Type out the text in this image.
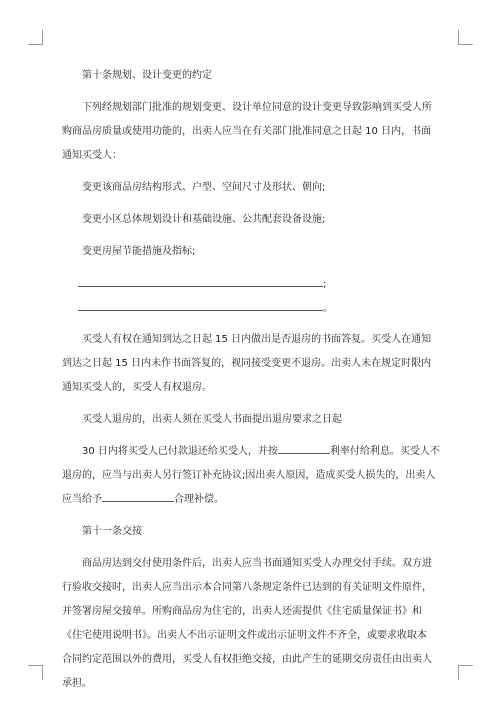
第十条规划、设计变更的约定

下列经规划部门批准的规划变更、设计单位同意的设计变更导致影响到买受人所

购商品房质量或使用功能的，出卖人应当在有关部门批准同意之日起 10 日内，书面

通知买受人：

变更该商品房结构形式、户型、空间尺寸及形状、朝向;

变更小区总体规划设计和基础设施、公共配套设备设施;

变更房屋节能措施及指标;

;
。

买受人有权在通知到达之日起 15 日内做出是否退房的书面答复。买受人在通知

到达之日起 15 日内未作书面答复的，视同接受变更不退房。出卖人未在规定时限内

通知买受人的，买受人有权退房。

买受人退房的，出卖人须在买受人书面提出退房要求之日起

30 日内将买受人已付款退还给买受人，并按	利率付给利息。买受人不

退房的，应当与出卖人另行签订补充协议;因出卖人原因，造成买受人损失的，出卖人

应当给予	合理补偿。

第十一条交接

商品房达到交付使用条件后，出卖人应当书面通知买受人办理交付手续。双方进

行验收交接时，出卖人应当出示本合同第八条规定条件已达到的有关证明文件原件，

并签署房屋交接单。所购商品房为住宅的，出卖人还需提供《住宅质量保证书》和

《住宅使用说明书》。出卖人不出示证明文件或出示证明文件不齐全，或要求收取本

合同约定范围以外的费用，买受人有权拒绝交接，由此产生的延期交房责任由出卖人

承担。
